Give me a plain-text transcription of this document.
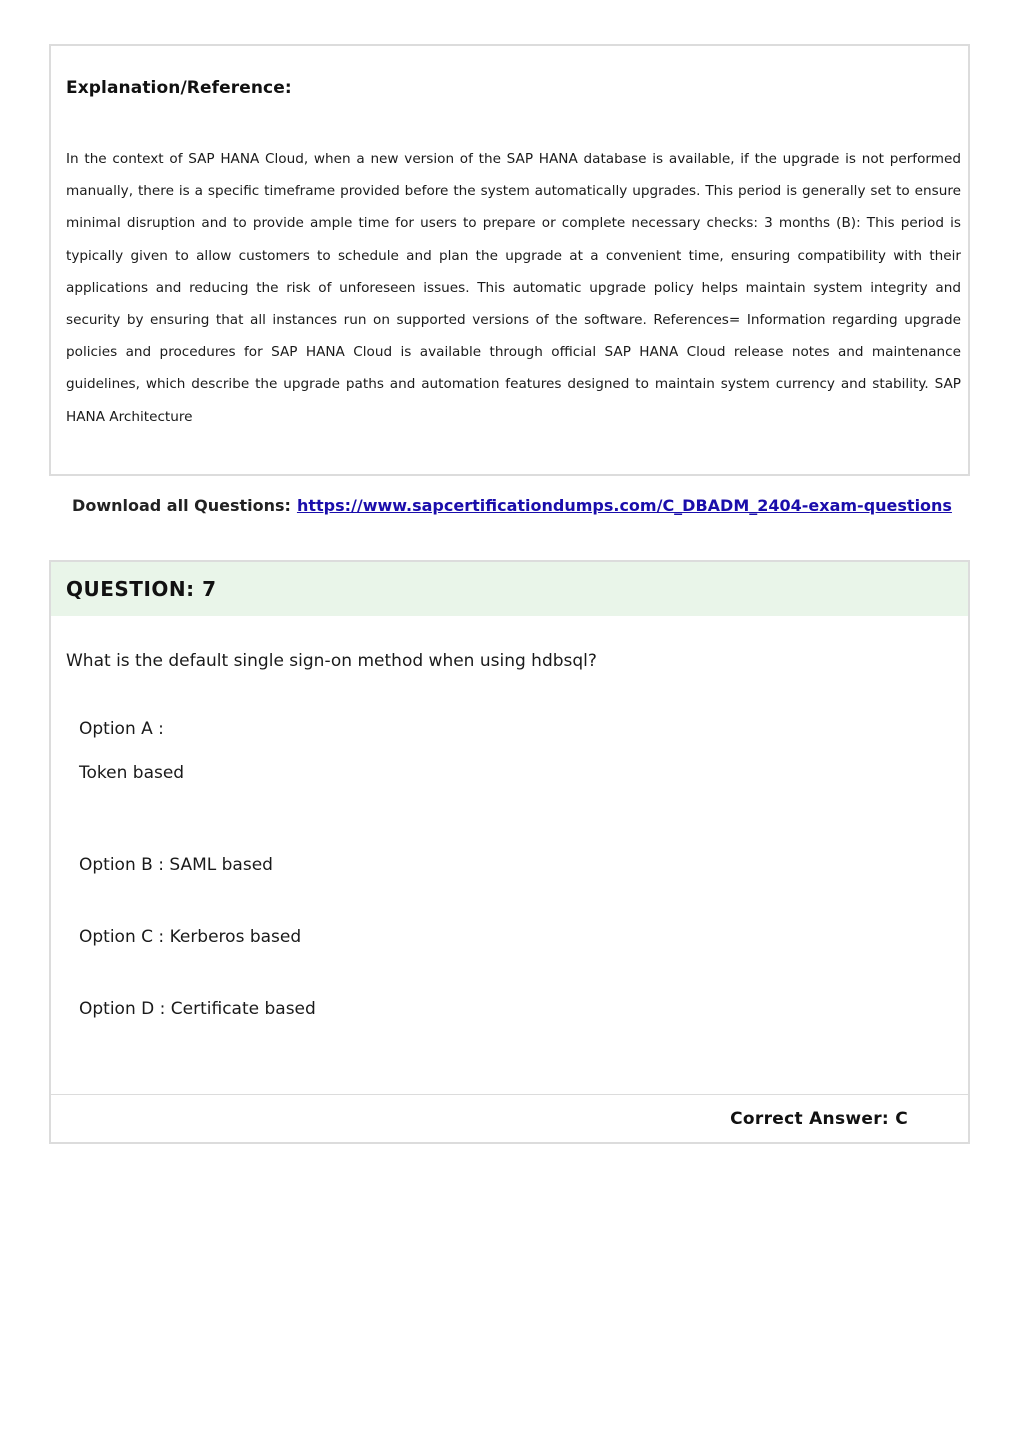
Explanation/Reference:

In the context of SAP HANA Cloud, when a new version of the SAP HANA database is available, if the upgrade is not performed manually, there is a specific timeframe provided before the system automatically upgrades. This period is generally set to ensure minimal disruption and to provide ample time for users to prepare or complete necessary checks: 3 months (B): This period is typically given to allow customers to schedule and plan the upgrade at a convenient time, ensuring compatibility with their applications and reducing the risk of unforeseen issues. This automatic upgrade policy helps maintain system integrity and security by ensuring that all instances run on supported versions of the software. References= Information regarding upgrade policies and procedures for SAP HANA Cloud is available through official SAP HANA Cloud release notes and maintenance guidelines, which describe the upgrade paths and automation features designed to maintain system currency and stability. SAP HANA Architecture

Download all Questions: https://www.sapcertificationdumps.com/C_DBADM_2404-exam-questions
QUESTION: 7
What is the default single sign-on method when using hdbsql?
Option A :
Token based
Option B : SAML based
Option C : Kerberos based
Option D : Certificate based
Correct Answer: C
